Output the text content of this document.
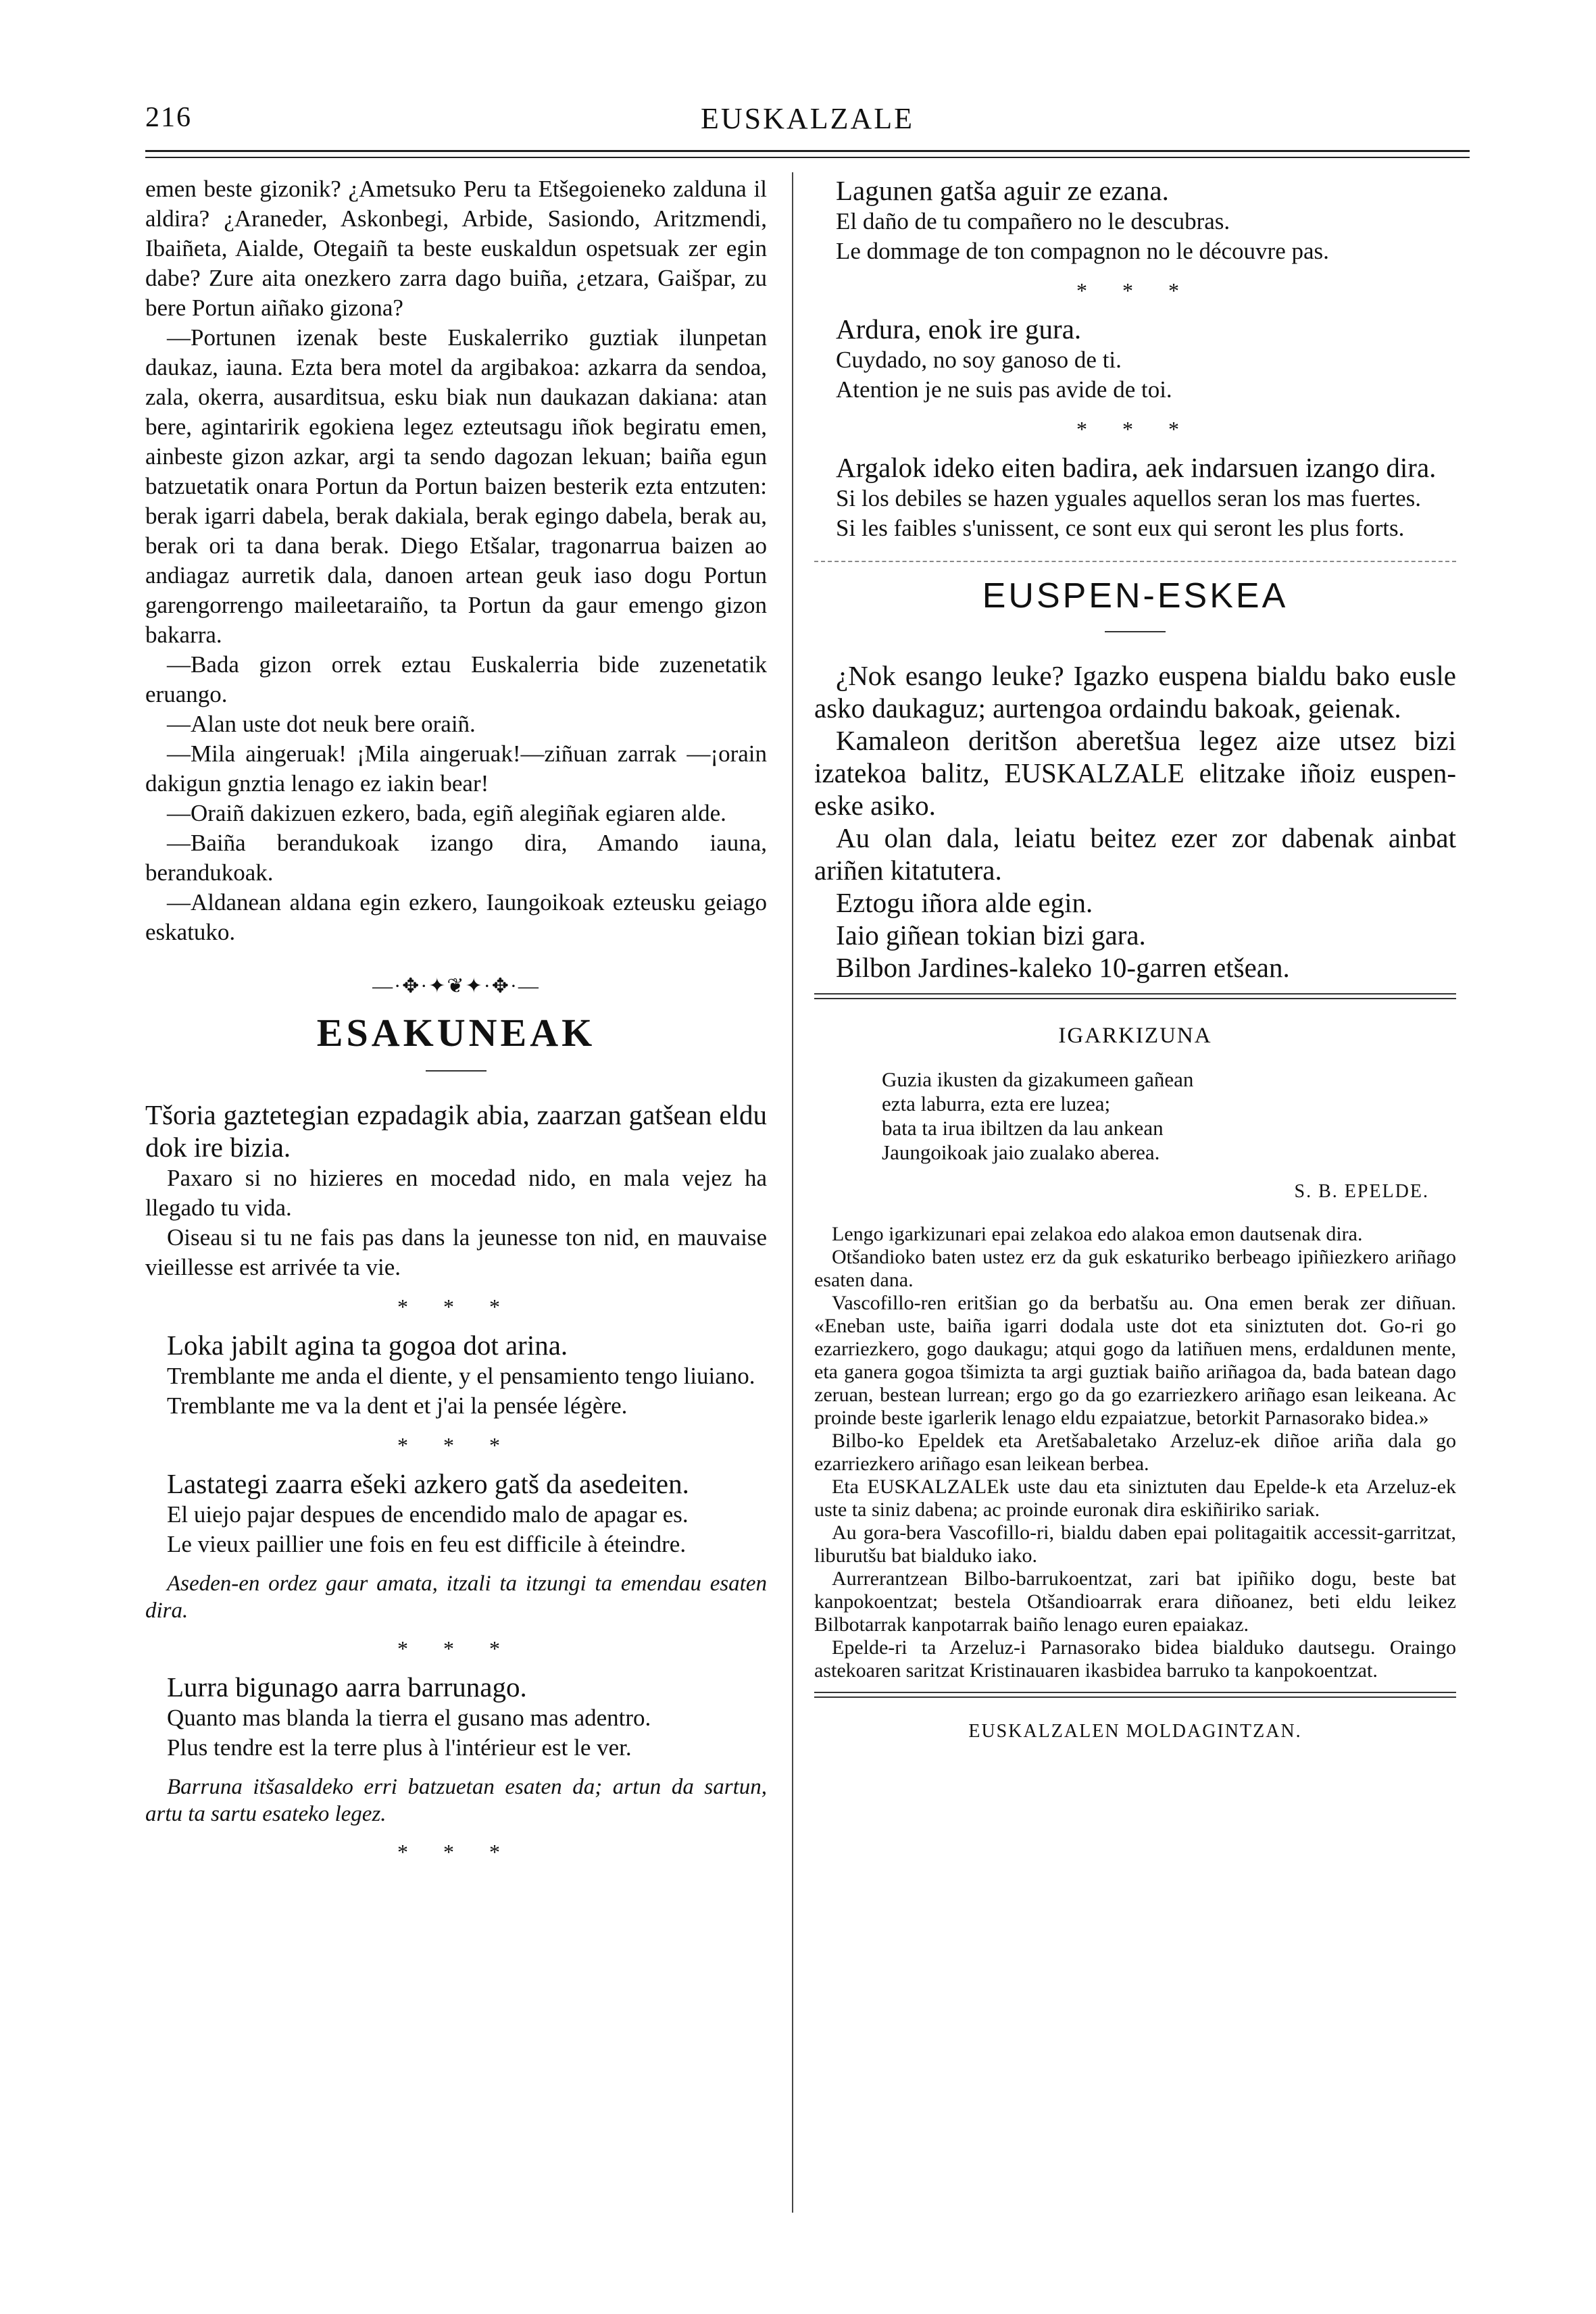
216	EUSKALZALE

emen beste gizonik? ¿Ametsuko Peru ta Etšegoieneko zalduna il aldira? ¿Araneder, Askonbegi, Arbide, Sasiondo, Aritzmendi, Ibaiñeta, Aialde, Otegaiñ ta beste euskaldun ospetsuak zer egin dabe? Zure aita onezkero zarra dago buiña, ¿etzara, Gaišpar, zu bere Portun aiñako gizona?

—Portunen izenak beste Euskalerriko guztiak ilunpetan daukaz, iauna. Ezta bera motel da argibakoa: azkarra da sendoa, zala, okerra, ausarditsua, esku biak nun daukazan dakiana: atan bere, agintaririk egokiena legez ezteutsagu iñok begiratu emen, ainbeste gizon azkar, argi ta sendo dagozan lekuan; baiña egun batzuetatik onara Portun da Portun baizen besterik ezta entzuten: berak igarri dabela, berak dakiala, berak egingo dabela, berak au, berak ori ta dana berak. Diego Etšalar, tragonarrua baizen ao andiagaz aurretik dala, danoen artean geuk iaso dogu Portun garengorrengo maileetaraiño, ta Portun da gaur emengo gizon bakarra.

—Bada gizon orrek eztau Euskalerria bide zuzenetatik eruango.

—Alan uste dot neuk bere oraiñ.

—Mila aingeruak! ¡Mila aingeruak!—ziñuan zarrak —¡orain dakigun gnztia lenago ez iakin bear!

—Oraiñ dakizuen ezkero, bada, egiñ alegiñak egiaren alde.

—Baiña berandukoak izango dira, Amando iauna, berandukoak.

—Aldanean aldana egin ezkero, Iaungoikoak ezteusku geiago eskatuko.

—·✥·✦❦✦·✥·—
ESAKUNEAK

Tšoria gaztetegian ezpadagik abia, zaarzan gatšean eldu dok ire bizia.

Paxaro si no hizieres en mocedad nido, en mala vejez ha llegado tu vida.

Oiseau si tu ne fais pas dans la jeunesse ton nid, en mauvaise vieillesse est arrivée ta vie.

* * *

Loka jabilt agina ta gogoa dot arina.

Tremblante me anda el diente, y el pensamiento tengo liuiano.

Tremblante me va la dent et j'ai la pensée légère.

* * *

Lastategi zaarra ešeki azkero gatš da asedeiten.

El uiejo pajar despues de encendido malo de apagar es.

Le vieux paillier une fois en feu est difficile à éteindre.

Aseden-en ordez gaur amata, itzali ta itzungi ta emendau esaten dira.

* * *

Lurra bigunago aarra barrunago.

Quanto mas blanda la tierra el gusano mas adentro.

Plus tendre est la terre plus à l'intérieur est le ver.

Barruna itšasaldeko erri batzuetan esaten da; artun da sartun, artu ta sartu esateko legez.

* * *

Lagunen gatša aguir ze ezana.

El daño de tu compañero no le descubras.

Le dommage de ton compagnon no le découvre pas.

* * *

Ardura, enok ire gura.

Cuydado, no soy ganoso de ti.

Atention je ne suis pas avide de toi.

* * *

Argalok ideko eiten badira, aek indarsuen izango dira.

Si los debiles se hazen yguales aquellos seran los mas fuertes.

Si les faibles s'unissent, ce sont eux qui seront les plus forts.

EUSPEN-ESKEA

¿Nok esango leuke? Igazko euspena bialdu bako eusle asko daukaguz; aurtengoa ordaindu bakoak, geienak.

Kamaleon deritšon aberetšua legez aize utsez bizi izatekoa balitz, EUSKALZALE elitzake iñoiz euspen-eske asiko.

Au olan dala, leiatu beitez ezer zor dabenak ainbat ariñen kitatutera.

Eztogu iñora alde egin.

Iaio giñean tokian bizi gara.

Bilbon Jardines-kaleko 10-garren etšean.

IGARKIZUNA
Guzia ikusten da gizakumeen gañean
ezta laburra, ezta ere luzea;
bata ta irua ibiltzen da lau ankean
Jaungoikoak jaio zualako aberea.
S. B. EPELDE.

Lengo igarkizunari epai zelakoa edo alakoa emon dautsenak dira.

Otšandioko baten ustez erz da guk eskaturiko berbeago ipiñiezkero ariñago esaten dana.

Vascofillo-ren eritšian go da berbatšu au. Ona emen berak zer diñuan. «Eneban uste, baiña igarri dodala uste dot eta siniztuten dot. Go-ri go ezarriezkero, gogo daukagu; atqui gogo da latiñuen mens, erdaldunen mente, eta ganera gogoa tšimizta ta argi guztiak baiño ariñagoa da, bada batean dago zeruan, bestean lurrean; ergo go da go ezarriezkero ariñago esan leikeana. Ac proinde beste igarlerik lenago eldu ezpaiatzue, betorkit Parnasorako bidea.»

Bilbo-ko Epeldek eta Aretšabaletako Arzeluz-ek diñoe ariña dala go ezarriezkero ariñago esan leikean berbea.

Eta EUSKALZALEk uste dau eta siniztuten dau Epelde-k eta Arzeluz-ek uste ta siniz dabena; ac proinde euronak dira eskiñiriko sariak.

Au gora-bera Vascofillo-ri, bialdu daben epai politagaitik accessit-garritzat, liburutšu bat bialduko iako.

Aurrerantzean Bilbo-barrukoentzat, zari bat ipiñiko dogu, beste bat kanpokoentzat; bestela Otšandioarrak erara diñoanez, beti eldu leikez Bilbotarrak kanpotarrak baiño lenago euren epaiakaz.

Epelde-ri ta Arzeluz-i Parnasorako bidea bialduko dautsegu. Oraingo astekoaren saritzat Kristinauaren ikasbidea barruko ta kanpokoentzat.

EUSKALZALEN MOLDAGINTZAN.
